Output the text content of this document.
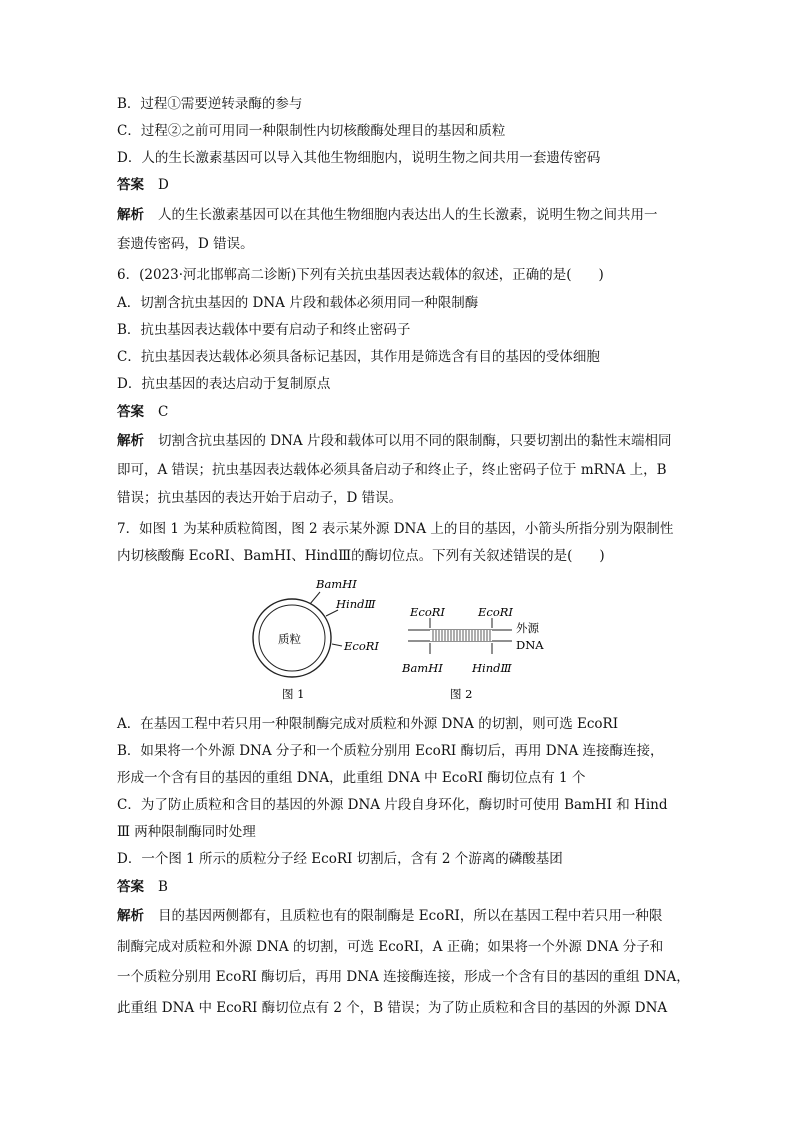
B．过程①需要逆转录酶的参与
C．过程②之前可用同一种限制性内切核酸酶处理目的基因和质粒
D．人的生长激素基因可以导入其他生物细胞内，说明生物之间共用一套遗传密码
答案 D
解析 人的生长激素基因可以在其他生物细胞内表达出人的生长激素，说明生物之间共用一
套遗传密码，D 错误。
6．(2023·河北邯郸高二诊断)下列有关抗虫基因表达载体的叙述，正确的是(　　)
A．切割含抗虫基因的 DNA 片段和载体必须用同一种限制酶
B．抗虫基因表达载体中要有启动子和终止密码子
C．抗虫基因表达载体必须具备标记基因，其作用是筛选含有目的基因的受体细胞
D．抗虫基因的表达启动于复制原点
答案 C
解析 切割含抗虫基因的 DNA 片段和载体可以用不同的限制酶，只要切割出的黏性末端相同
即可，A 错误；抗虫基因表达载体必须具备启动子和终止子，终止密码子位于 mRNA 上，B
错误；抗虫基因的表达开始于启动子，D 错误。
7．如图 1 为某种质粒简图，图 2 表示某外源 DNA 上的目的基因，小箭头所指分别为限制性
内切核酸酶 EcoRⅠ、BamHⅠ、HindⅢ的酶切位点。下列有关叙述错误的是(　　)
质粒
BamHⅠ
HindⅢ
EcoRⅠ
图 1
EcoRⅠ	EcoRⅠ
BamHⅠ	HindⅢ
外源
DNA
图 2
A．在基因工程中若只用一种限制酶完成对质粒和外源 DNA 的切割，则可选 EcoRⅠ
B．如果将一个外源 DNA 分子和一个质粒分别用 EcoRⅠ 酶切后，再用 DNA 连接酶连接，
形成一个含有目的基因的重组 DNA，此重组 DNA 中 EcoRⅠ 酶切位点有 1 个
C．为了防止质粒和含目的基因的外源 DNA 片段自身环化，酶切时可使用 BamHⅠ 和 Hind
Ⅲ 两种限制酶同时处理
D．一个图 1 所示的质粒分子经 EcoRⅠ 切割后，含有 2 个游离的磷酸基团
答案 B
解析 目的基因两侧都有，且质粒也有的限制酶是 EcoRⅠ，所以在基因工程中若只用一种限
制酶完成对质粒和外源 DNA 的切割，可选 EcoRⅠ，A 正确；如果将一个外源 DNA 分子和
一个质粒分别用 EcoRⅠ 酶切后，再用 DNA 连接酶连接，形成一个含有目的基因的重组 DNA，
此重组 DNA 中 EcoRⅠ 酶切位点有 2 个，B 错误；为了防止质粒和含目的基因的外源 DNA
